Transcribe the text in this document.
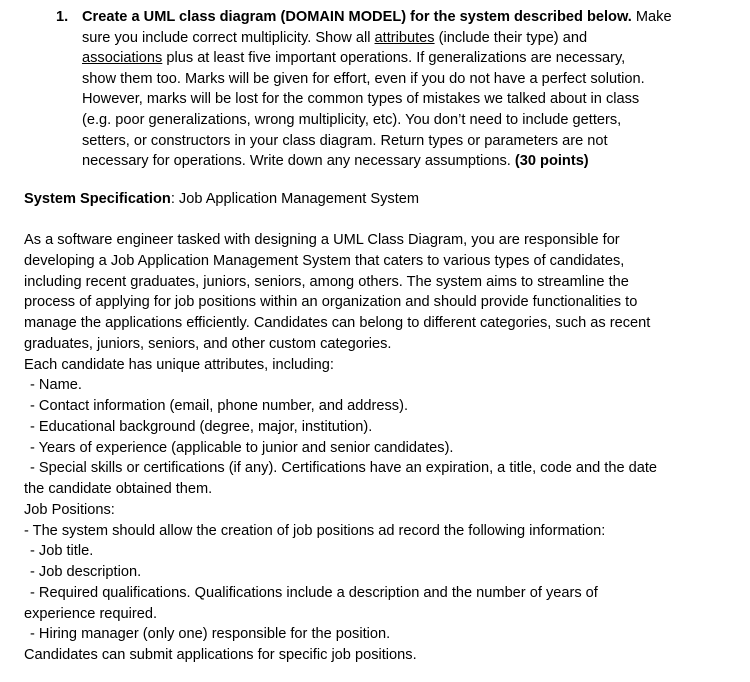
1. Create a UML class diagram (DOMAIN MODEL) for the system described below. Make
sure you include correct multiplicity. Show all attributes (include their type) and
associations plus at least five important operations. If generalizations are necessary,
show them too. Marks will be given for effort, even if you do not have a perfect solution.
However, marks will be lost for the common types of mistakes we talked about in class
(e.g. poor generalizations, wrong multiplicity, etc). You don’t need to include getters,
setters, or constructors in your class diagram. Return types or parameters are not
necessary for operations. Write down any necessary assumptions. (30 points)
System Specification: Job Application Management System
As a software engineer tasked with designing a UML Class Diagram, you are responsible for
developing a Job Application Management System that caters to various types of candidates,
including recent graduates, juniors, seniors, among others. The system aims to streamline the
process of applying for job positions within an organization and should provide functionalities to
manage the applications efficiently. Candidates can belong to different categories, such as recent
graduates, juniors, seniors, and other custom categories.
Each candidate has unique attributes, including:
- Name.
- Contact information (email, phone number, and address).
- Educational background (degree, major, institution).
- Years of experience (applicable to junior and senior candidates).
- Special skills or certifications (if any). Certifications have an expiration, a title, code and the date
the candidate obtained them.
Job Positions:
- The system should allow the creation of job positions ad record the following information:
- Job title.
- Job description.
- Required qualifications. Qualifications include a description and the number of years of
experience required.
- Hiring manager (only one) responsible for the position.
Candidates can submit applications for specific job positions.
